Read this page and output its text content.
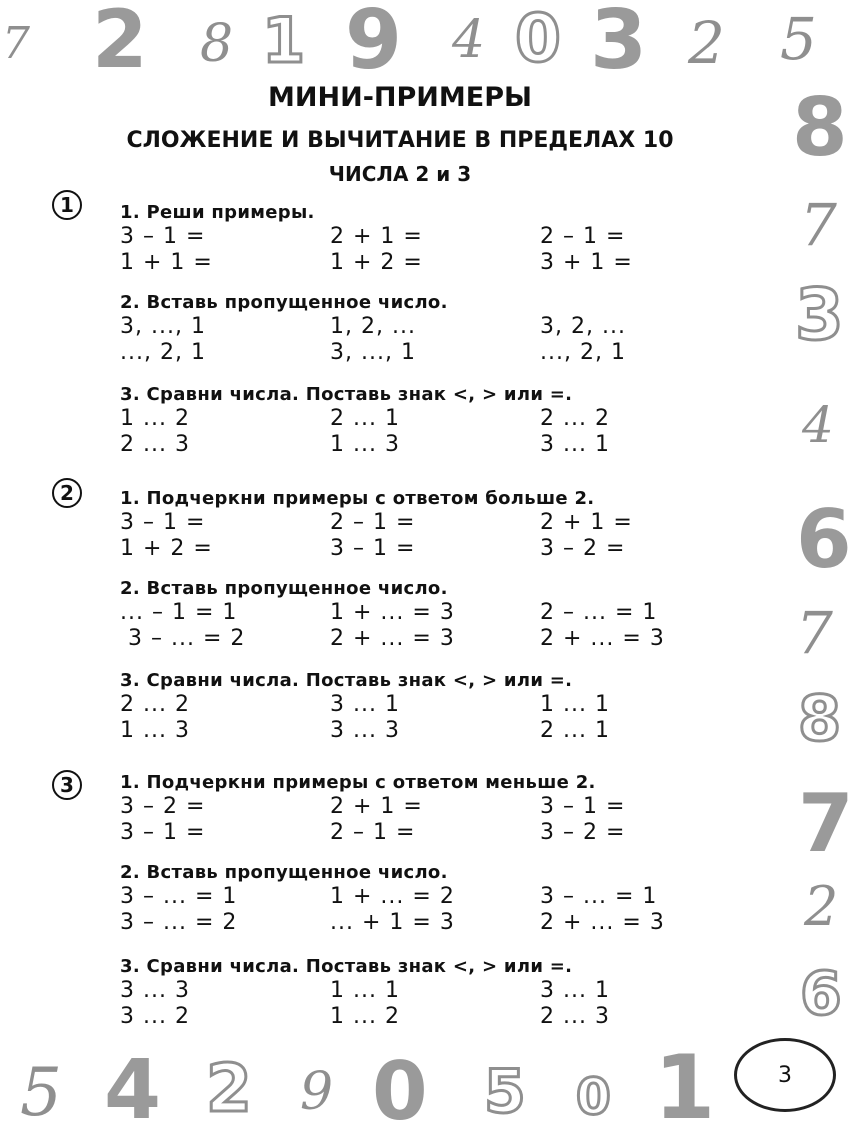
7 2 8 1 9 4 0 3 2 5
8
7
3
4
6
7
8
7
2
6
5 4 2 9 0 5 0 1
МИНИ-ПРИМЕРЫ
СЛОЖЕНИЕ И ВЫЧИТАНИЕ В ПРЕДЕЛАХ 10
ЧИСЛА 2 и 3
1	1. Реши примеры.
3 – 1 =	2 + 1 =	2 – 1 =
1 + 1 =	1 + 2 =	3 + 1 =
2. Вставь пропущенное число.
3, ..., 1	1, 2, ...	3, 2, ...
..., 2, 1	3, ..., 1	..., 2, 1
3. Сравни числа. Поставь знак <, > или =.
1 ... 2	2 ... 1	2 ... 2
2 ... 3	1 ... 3	3 ... 1
2	1. Подчеркни примеры с ответом больше 2.
3 – 1 =	2 – 1 =	2 + 1 =
1 + 2 =	3 – 1 =	3 – 2 =
2. Вставь пропущенное число.
... – 1 = 1	1 + ... = 3	2 – ... = 1
3 – ... = 2	2 + ... = 3	2 + ... = 3
3. Сравни числа. Поставь знак <, > или =.
2 ... 2	3 ... 1	1 ... 1
1 ... 3	3 ... 3	2 ... 1
3	1. Подчеркни примеры с ответом меньше 2.
3 – 2 =	2 + 1 =	3 – 1 =
3 – 1 =	2 – 1 =	3 – 2 =
2. Вставь пропущенное число.
3 – ... = 1	1 + ... = 2	3 – ... = 1
3 – ... = 2	... + 1 = 3	2 + ... = 3
3. Сравни числа. Поставь знак <, > или =.
3 ... 3	1 ... 1	3 ... 1
3 ... 2	1 ... 2	2 ... 3
3
